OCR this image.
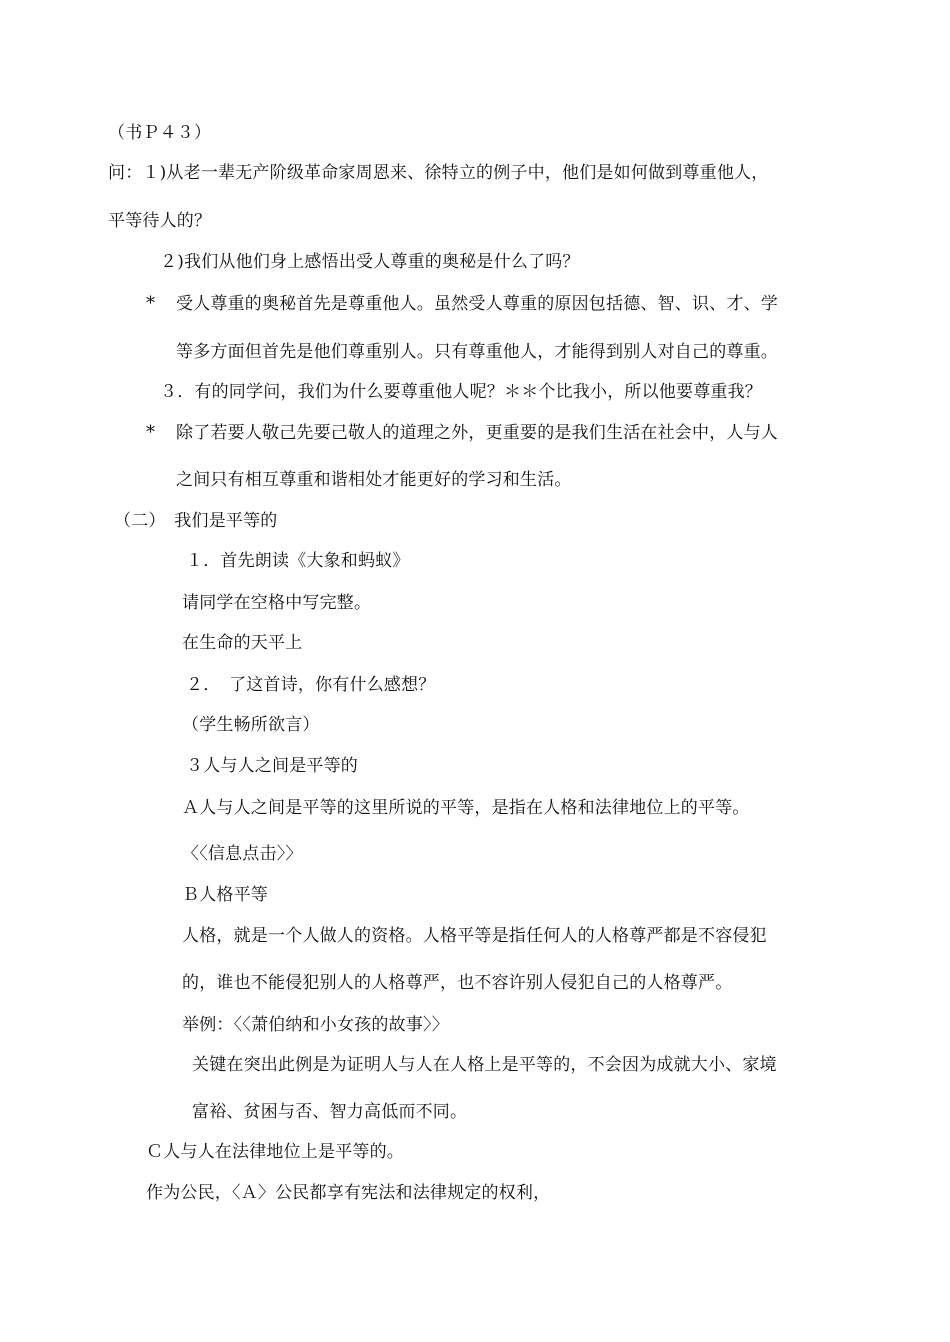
（书Ｐ４３）
问：１)从老一辈无产阶级革命家周恩来、徐特立的例子中，他们是如何做到尊重他人，
平等待人的？
２)我们从他们身上感悟出受人尊重的奥秘是什么了吗？
* 受人尊重的奥秘首先是尊重他人。虽然受人尊重的原因包括德、智、识、才、学
等多方面但首先是他们尊重别人。只有尊重他人，才能得到别人对自己的尊重。
３．有的同学问，我们为什么要尊重他人呢？＊＊个比我小，所以他要尊重我？
* 除了若要人敬己先要己敬人的道理之外，更重要的是我们生活在社会中，人与人
之间只有相互尊重和谐相处才能更好的学习和生活。
（二）　我们是平等的
１．首先朗读《大象和蚂蚁》
请同学在空格中写完整。
在生命的天平上
２．　了这首诗，你有什么感想？
（学生畅所欲言）
３人与人之间是平等的
Ａ人与人之间是平等的这里所说的平等，是指在人格和法律地位上的平等。
〈〈信息点击〉〉
Ｂ人格平等
人格，就是一个人做人的资格。人格平等是指任何人的人格尊严都是不容侵犯
的，谁也不能侵犯别人的人格尊严，也不容许别人侵犯自己的人格尊严。
举例：〈〈萧伯纳和小女孩的故事〉〉
关键在突出此例是为证明人与人在人格上是平等的，不会因为成就大小、家境
富裕、贫困与否、智力高低而不同。
Ｃ人与人在法律地位上是平等的。
作为公民，〈Ａ〉公民都享有宪法和法律规定的权利，
